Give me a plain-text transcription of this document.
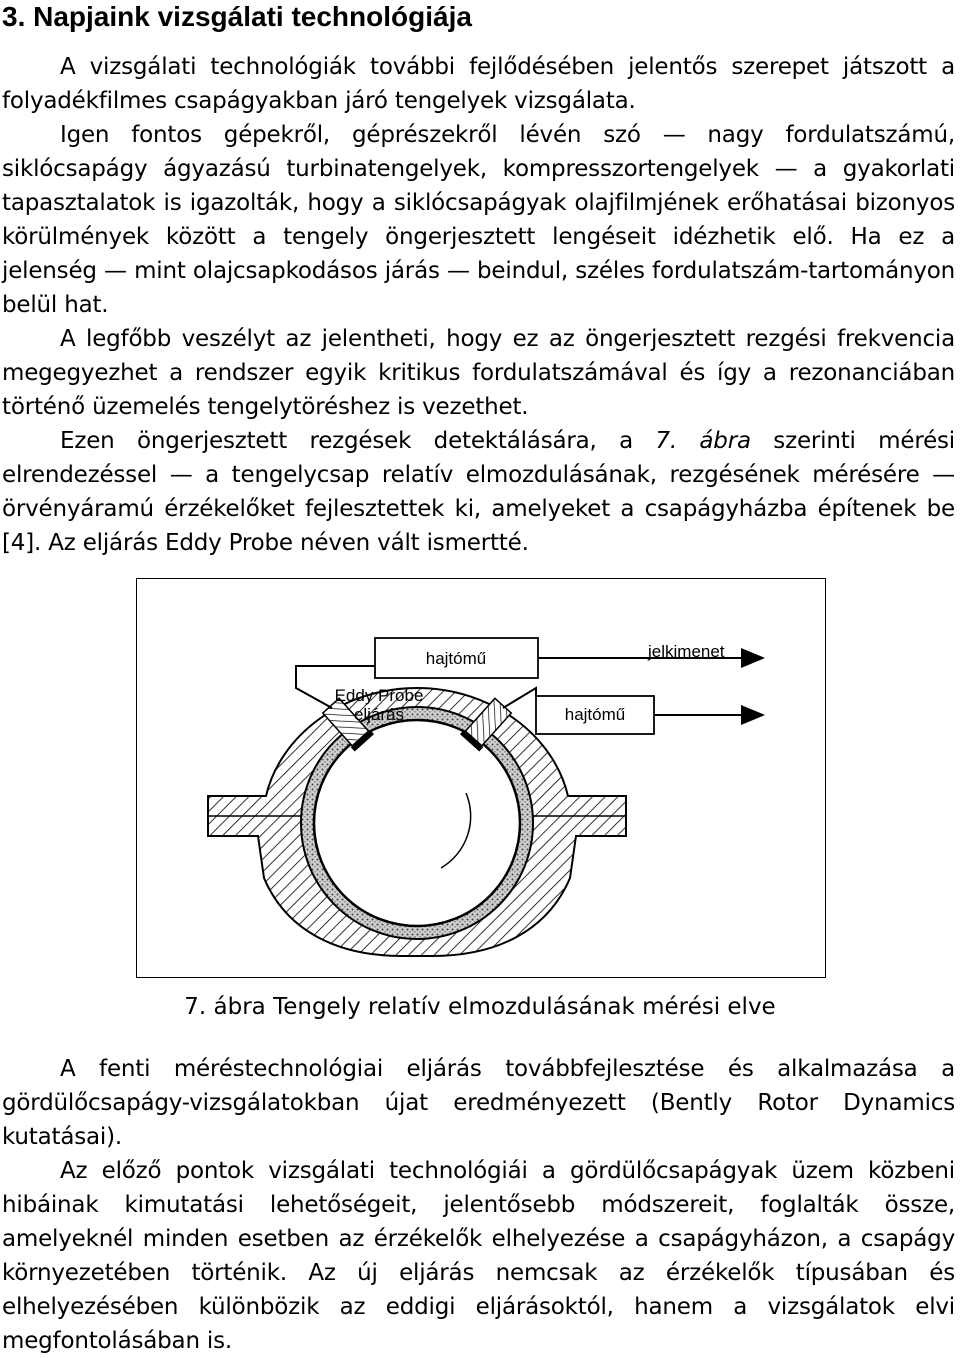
3. Napjaink vizsgálati technológiája

A vizsgálati technológiák további fejlődésében jelentős szerepet játszott a folyadékfilmes csapágyakban járó tengelyek vizsgálata.

Igen fontos gépekről, géprészekről lévén szó — nagy fordulatszámú, siklócsapágy ágyazású turbinatengelyek, kompresszortengelyek — a gyakorlati tapasztalatok is igazolták, hogy a siklócsapágyak olajfilmjének erőhatásai bizonyos körülmények között a tengely öngerjesztett lengéseit idézhetik elő. Ha ez a jelenség — mint olajcsapkodásos járás — beindul, széles fordulatszám-tartományon belül hat.

A legfőbb veszélyt az jelentheti, hogy ez az öngerjesztett rezgési frekvencia megegyezhet a rendszer egyik kritikus fordulatszámával és így a rezonanciában történő üzemelés tengelytöréshez is vezethet.

Ezen öngerjesztett rezgések detektálására, a 7. ábra szerinti mérési elrendezéssel — a tengelycsap relatív elmozdulásának, rezgésének mérésére — örvényáramú érzékelőket fejlesztettek ki, amelyeket a csapágyházba építenek be [4]. Az eljárás Eddy Probe néven vált ismertté.

hajtómű
hajtómű
jelkimenet
Eddy Probe
eljárás
7. ábra Tengely relatív elmozdulásának mérési elve

A fenti méréstechnológiai eljárás továbbfejlesztése és alkalmazása a gördülőcsapágy-vizsgálatokban újat eredményezett (Bently Rotor Dynamics kutatásai).

Az előző pontok vizsgálati technológiái a gördülőcsapágyak üzem közbeni hibáinak kimutatási lehetőségeit, jelentősebb módszereit, foglalták össze, amelyeknél minden esetben az érzékelők elhelyezése a csapágyházon, a csapágy környezetében történik. Az új eljárás nemcsak az érzékelők típusában és elhelyezésében különbözik az eddigi eljárásoktól, hanem a vizsgálatok elvi megfontolásában is.
